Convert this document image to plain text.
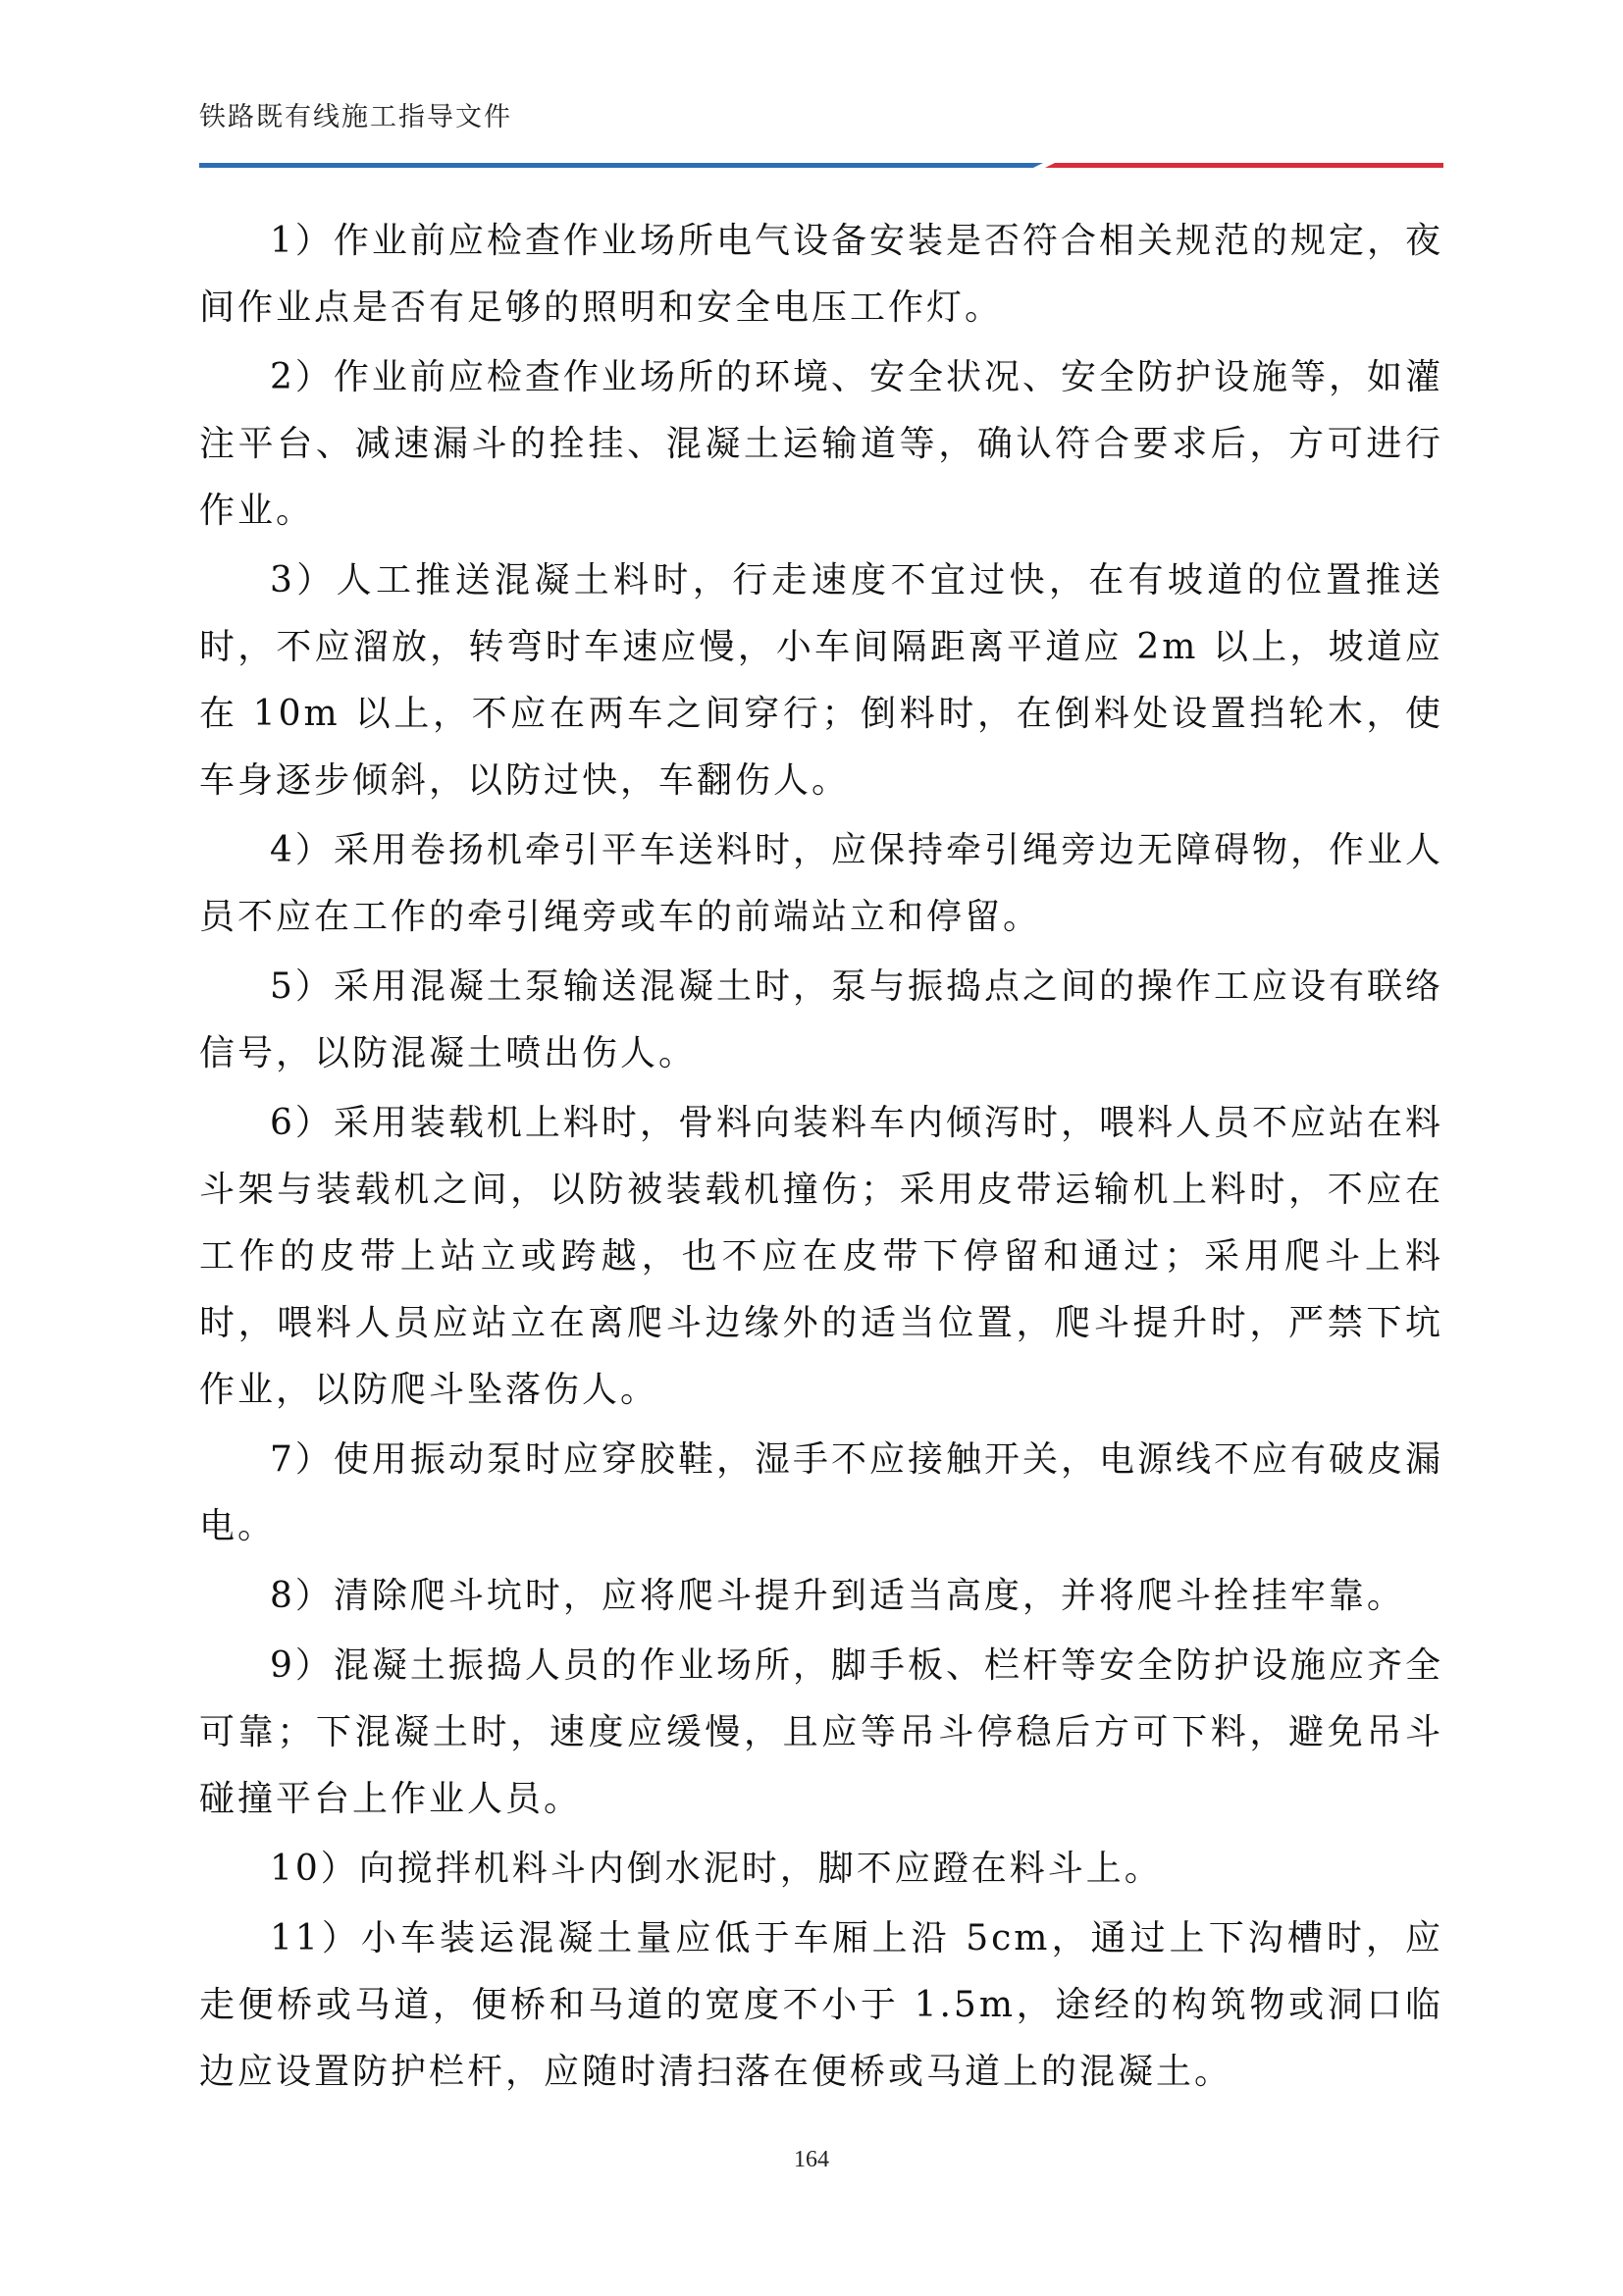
铁路既有线施工指导文件

1）作业前应检查作业场所电气设备安装是否符合相关规范的规定，夜间作业点是否有足够的照明和安全电压工作灯。

2）作业前应检查作业场所的环境、安全状况、安全防护设施等，如灌注平台、减速漏斗的拴挂、混凝土运输道等，确认符合要求后，方可进行作业。

3）人工推送混凝土料时，行走速度不宜过快，在有坡道的位置推送时，不应溜放，转弯时车速应慢，小车间隔距离平道应 2m 以上，坡道应在 10m 以上，不应在两车之间穿行；倒料时，在倒料处设置挡轮木，使车身逐步倾斜，以防过快，车翻伤人。

4）采用卷扬机牵引平车送料时，应保持牵引绳旁边无障碍物，作业人员不应在工作的牵引绳旁或车的前端站立和停留。

5）采用混凝土泵输送混凝土时，泵与振捣点之间的操作工应设有联络信号，以防混凝土喷出伤人。

6）采用装载机上料时，骨料向装料车内倾泻时，喂料人员不应站在料斗架与装载机之间，以防被装载机撞伤；采用皮带运输机上料时，不应在工作的皮带上站立或跨越，也不应在皮带下停留和通过；采用爬斗上料时，喂料人员应站立在离爬斗边缘外的适当位置，爬斗提升时，严禁下坑作业，以防爬斗坠落伤人。

7）使用振动泵时应穿胶鞋，湿手不应接触开关，电源线不应有破皮漏电。

8）清除爬斗坑时，应将爬斗提升到适当高度，并将爬斗拴挂牢靠。

9）混凝土振捣人员的作业场所，脚手板、栏杆等安全防护设施应齐全可靠；下混凝土时，速度应缓慢，且应等吊斗停稳后方可下料，避免吊斗碰撞平台上作业人员。

10）向搅拌机料斗内倒水泥时，脚不应蹬在料斗上。

11）小车装运混凝土量应低于车厢上沿 5cm，通过上下沟槽时，应走便桥或马道，便桥和马道的宽度不小于 1.5m，途经的构筑物或洞口临边应设置防护栏杆，应随时清扫落在便桥或马道上的混凝土。

164
